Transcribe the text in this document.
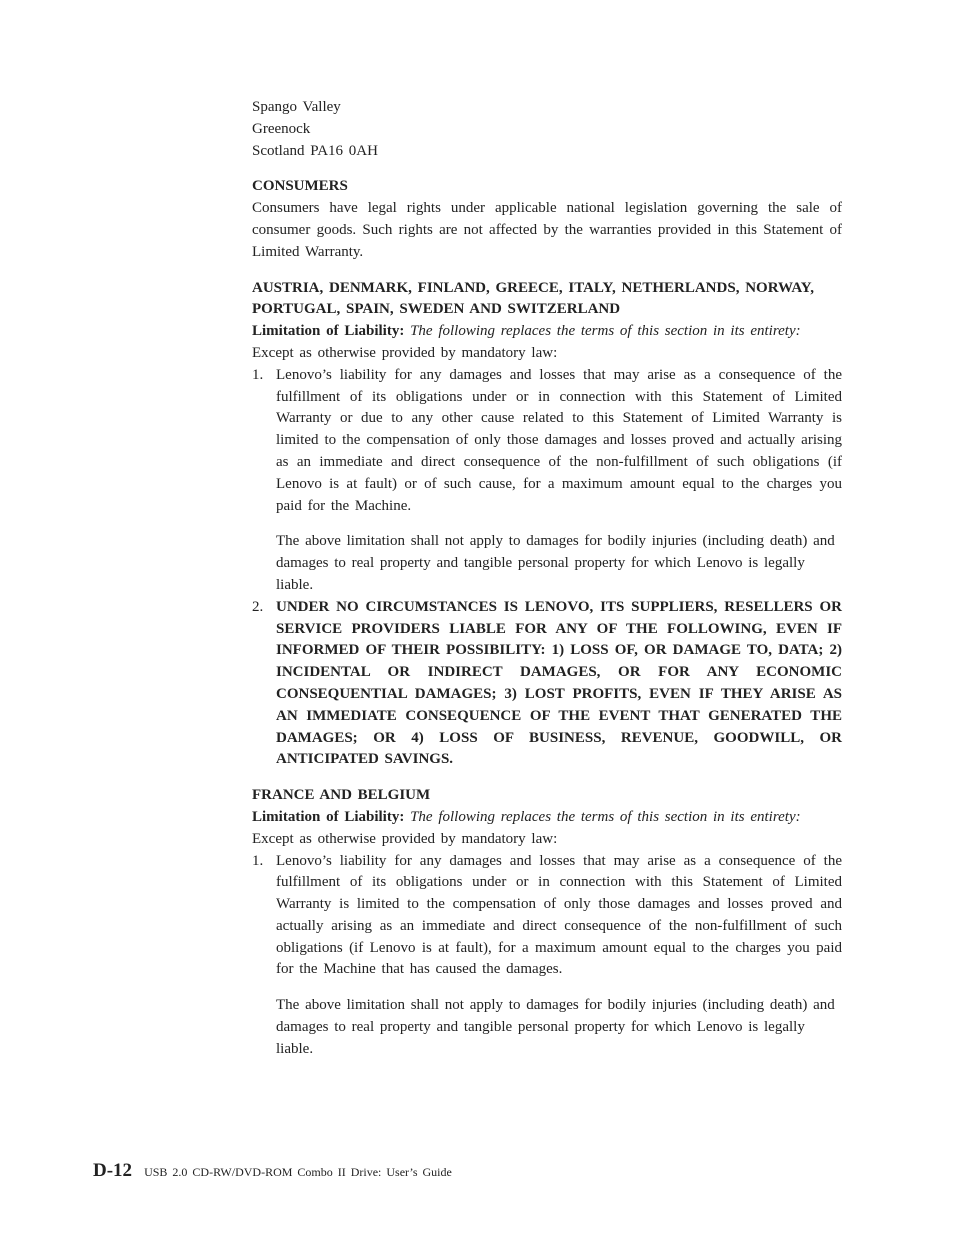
Spango Valley

Greenock

Scotland PA16 0AH

CONSUMERS

Consumers have legal rights under applicable national legislation governing the sale of consumer goods. Such rights are not affected by the warranties provided in this Statement of Limited Warranty.

AUSTRIA, DENMARK, FINLAND, GREECE, ITALY, NETHERLANDS, NORWAY, PORTUGAL, SPAIN, SWEDEN AND SWITZERLAND

Limitation of Liability: The following replaces the terms of this section in its entirety:

Except as otherwise provided by mandatory law:

1. Lenovo’s liability for any damages and losses that may arise as a consequence of the fulfillment of its obligations under or in connection with this Statement of Limited Warranty or due to any other cause related to this Statement of Limited Warranty is limited to the compensation of only those damages and losses proved and actually arising as an immediate and direct consequence of the non-fulfillment of such obligations (if Lenovo is at fault) or of such cause, for a maximum amount equal to the charges you paid for the Machine.

The above limitation shall not apply to damages for bodily injuries (including death) and damages to real property and tangible personal property for which Lenovo is legally liable.

2. UNDER NO CIRCUMSTANCES IS LENOVO, ITS SUPPLIERS, RESELLERS OR SERVICE PROVIDERS LIABLE FOR ANY OF THE FOLLOWING, EVEN IF INFORMED OF THEIR POSSIBILITY: 1) LOSS OF, OR DAMAGE TO, DATA; 2) INCIDENTAL OR INDIRECT DAMAGES, OR FOR ANY ECONOMIC CONSEQUENTIAL DAMAGES; 3) LOST PROFITS, EVEN IF THEY ARISE AS AN IMMEDIATE CONSEQUENCE OF THE EVENT THAT GENERATED THE DAMAGES; OR 4) LOSS OF BUSINESS, REVENUE, GOODWILL, OR ANTICIPATED SAVINGS.

FRANCE AND BELGIUM

Limitation of Liability: The following replaces the terms of this section in its entirety:

Except as otherwise provided by mandatory law:

1. Lenovo’s liability for any damages and losses that may arise as a consequence of the fulfillment of its obligations under or in connection with this Statement of Limited Warranty is limited to the compensation of only those damages and losses proved and actually arising as an immediate and direct consequence of the non-fulfillment of such obligations (if Lenovo is at fault), for a maximum amount equal to the charges you paid for the Machine that has caused the damages.

The above limitation shall not apply to damages for bodily injuries (including death) and damages to real property and tangible personal property for which Lenovo is legally liable.

D-12 USB 2.0 CD-RW/DVD-ROM Combo II Drive: User’s Guide
